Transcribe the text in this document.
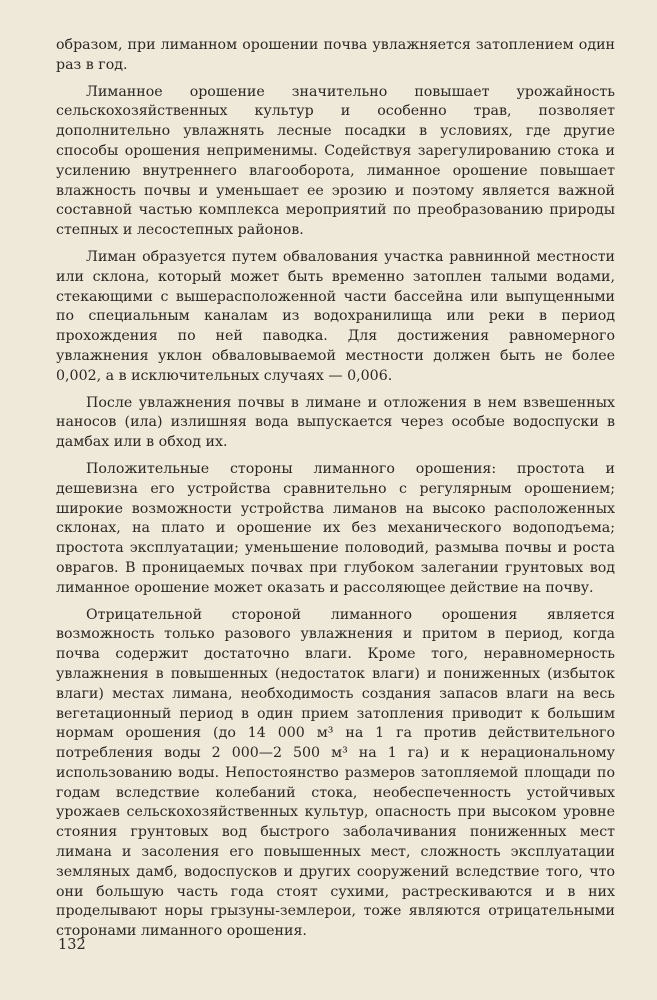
образом, при лиманном орошении почва увлажняется затоплением один раз в год.

Лиманное орошение значительно повышает урожайность сельскохозяйственных культур и особенно трав, позволяет дополнительно увлажнять лесные посадки в условиях, где другие способы орошения неприменимы. Содействуя зарегулированию стока и усилению внутреннего влагооборота, лиманное орошение повышает влажность почвы и уменьшает ее эрозию и поэтому является важной составной частью комплекса мероприятий по преобразованию природы степных и лесостепных районов.

Лиман образуется путем обвалования участка равнинной местности или склона, который может быть временно затоплен талыми водами, стекающими с вышерасположенной части бассейна или выпущенными по специальным каналам из водохранилища или реки в период прохождения по ней паводка. Для достижения равномерного увлажнения уклон обваловываемой местности должен быть не более 0,002, а в исключительных случаях — 0,006.

После увлажнения почвы в лимане и отложения в нем взвешенных наносов (ила) излишняя вода выпускается через особые водоспуски в дамбах или в обход их.

Положительные стороны лиманного орошения: простота и дешевизна его устройства сравнительно с регулярным орошением; широкие возможности устройства лиманов на высоко расположенных склонах, на плато и орошение их без механического водоподъема; простота эксплуатации; уменьшение половодий, размыва почвы и роста оврагов. В проницаемых почвах при глубоком залегании грунтовых вод лиманное орошение может оказать и рассоляющее действие на почву.

Отрицательной стороной лиманного орошения является возможность только разового увлажнения и притом в период, когда почва содержит достаточно влаги. Кроме того, неравномерность увлажнения в повышенных (недостаток влаги) и пониженных (избыток влаги) местах лимана, необходимость создания запасов влаги на весь вегетационный период в один прием затопления приводит к большим нормам орошения (до 14 000 м³ на 1 га против действительного потребления воды 2 000—2 500 м³ на 1 га) и к нерациональному использованию воды. Непостоянство размеров затопляемой площади по годам вследствие колебаний стока, необеспеченность устойчивых урожаев сельскохозяйственных культур, опасность при высоком уровне стояния грунтовых вод быстрого заболачивания пониженных мест лимана и засоления его повышенных мест, сложность эксплуатации земляных дамб, водоспусков и других сооружений вследствие того, что они большую часть года стоят сухими, растрескиваются и в них проделывают норы грызуны-землерои, тоже являются отрицательными сторонами лиманного орошения.

132
